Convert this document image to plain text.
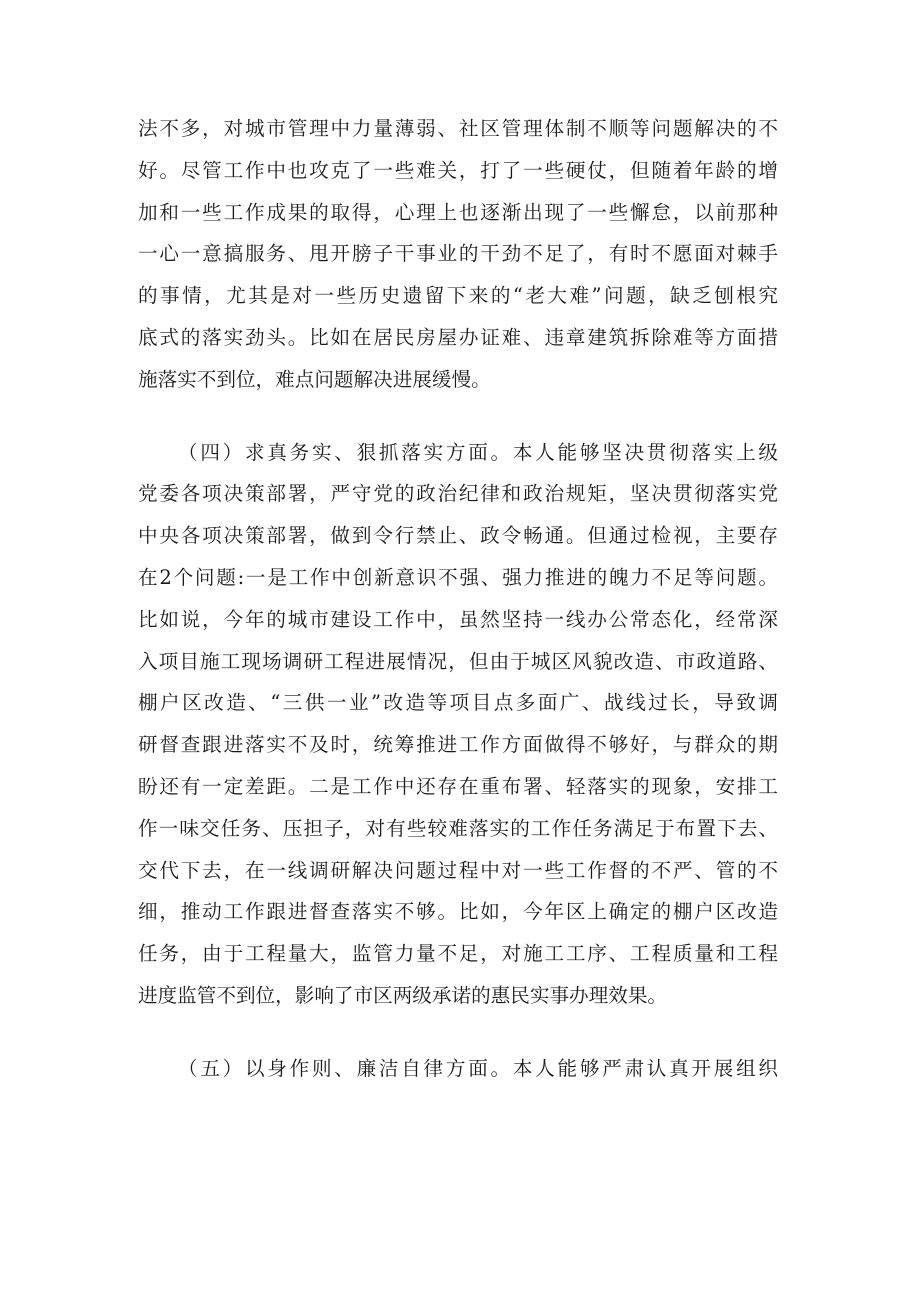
法不多，对城市管理中力量薄弱、社区管理体制不顺等问题解决的不
好。尽管工作中也攻克了一些难关，打了一些硬仗，但随着年龄的增
加和一些工作成果的取得，心理上也逐渐出现了一些懈怠，以前那种
一心一意搞服务、甩开膀子干事业的干劲不足了，有时不愿面对棘手
的事情，尤其是对一些历史遗留下来的“老大难”问题，缺乏刨根究
底式的落实劲头。比如在居民房屋办证难、违章建筑拆除难等方面措
施落实不到位，难点问题解决进展缓慢。
（四）求真务实、狠抓落实方面。本人能够坚决贯彻落实上级
党委各项决策部署，严守党的政治纪律和政治规矩，坚决贯彻落实党
中央各项决策部署，做到令行禁止、政令畅通。但通过检视，主要存
在2个问题:一是工作中创新意识不强、强力推进的魄力不足等问题。
比如说，今年的城市建设工作中，虽然坚持一线办公常态化，经常深
入项目施工现场调研工程进展情况，但由于城区风貌改造、市政道路、
棚户区改造、“三供一业”改造等项目点多面广、战线过长，导致调
研督查跟进落实不及时，统筹推进工作方面做得不够好，与群众的期
盼还有一定差距。二是工作中还存在重布署、轻落实的现象，安排工
作一味交任务、压担子，对有些较难落实的工作任务满足于布置下去、
交代下去，在一线调研解决问题过程中对一些工作督的不严、管的不
细，推动工作跟进督查落实不够。比如，今年区上确定的棚户区改造
任务，由于工程量大，监管力量不足，对施工工序、工程质量和工程
进度监管不到位，影响了市区两级承诺的惠民实事办理效果。
（五）以身作则、廉洁自律方面。本人能够严肃认真开展组织
